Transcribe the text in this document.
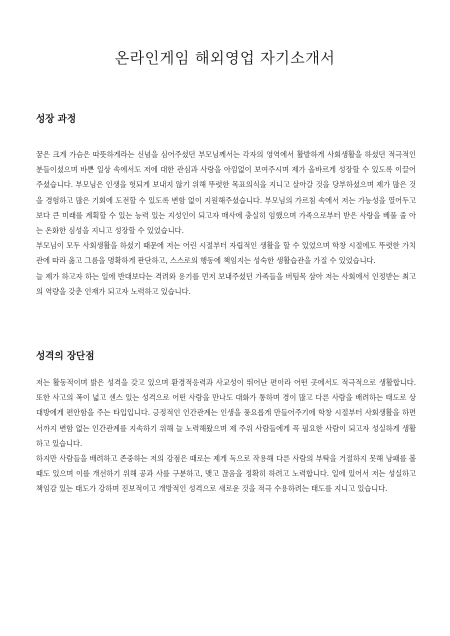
온라인게임 해외영업 자기소개서
성장 과정

꿈은 크게 가슴은 따뜻하게라는 신념을 심어주셨던 부모님께서는 각자의 영역에서 활발하게 사회생활을 하셨던 적극적인 분들이셨으며 바쁜 일상 속에서도 저에 대한 관심과 사랑을 아낌없이 보여주시며 제가 올바르게 성장할 수 있도록 이끌어주셨습니다. 부모님은 인생을 헛되게 보내지 않기 위해 뚜렷한 목표의식을 지니고 살아갈 것을 당부하셨으며 제가 많은 것을 경험하고 많은 기회에 도전할 수 있도록 변함 없이 지원해주셨습니다. 부모님의 가르침 속에서 저는 가능성을 열어두고 보다 큰 미래를 계획할 수 있는 능력 있는 지성인이 되고자 매사에 충실히 임했으며 가족으로부터 받은 사랑을 베풀 줄 아는 온화한 심성을 지니고 성장할 수 있었습니다.

부모님이 모두 사회생활을 하셨기 때문에 저는 어린 시절부터 자립적인 생활을 할 수 있었으며 학창 시절에도 뚜렷한 가치관에 따라 옳고 그름을 명확하게 판단하고, 스스로의 행동에 책임지는 성숙한 생활습관을 가질 수 있었습니다.

늘 제가 하고자 하는 일에 반대보다는 격려와 용기를 먼저 보내주셨던 가족들을 버팀목 삼아 저는 사회에서 인정받는 최고의 역량을 갖춘 인재가 되고자 노력하고 있습니다.

성격의 장단점

저는 활동적이며 밝은 성격을 갖고 있으며 환경적응력과 사교성이 뛰어난 편이라 어떤 곳에서도 적극적으로 생활합니다. 또한 사고의 폭이 넓고 센스 있는 성격으로 어떤 사람을 만나도 대화가 통하며 경이 많고 다른 사람을 배려하는 태도로 상대방에게 편안함을 주는 타입입니다. 긍정적인 인간관계는 인생을 풍요롭게 만들어주기에 학창 시절부터 사회생활을 하면서까지 변함 없는 인간관계를 지속하기 위해 늘 노력해왔으며 제 주위 사람들에게 꼭 필요한 사람이 되고자 성실하게 생활하고 있습니다.

하지만 사람들을 배려하고 존중하는 저의 강점은 때로는 제게 독으로 작용해 다른 사람의 부탁을 거절하지 못해 낭패를 볼 때도 있으며 이를 개선하기 위해 공과 사를 구분하고, 맺고 끊음을 정확히 하려고 노력합니다. 일에 있어서 저는 성실하고 책임감 있는 태도가 강하며 진보적이고 개방적인 성격으로 새로운 것을 적극 수용하려는 태도를 지니고 있습니다.
